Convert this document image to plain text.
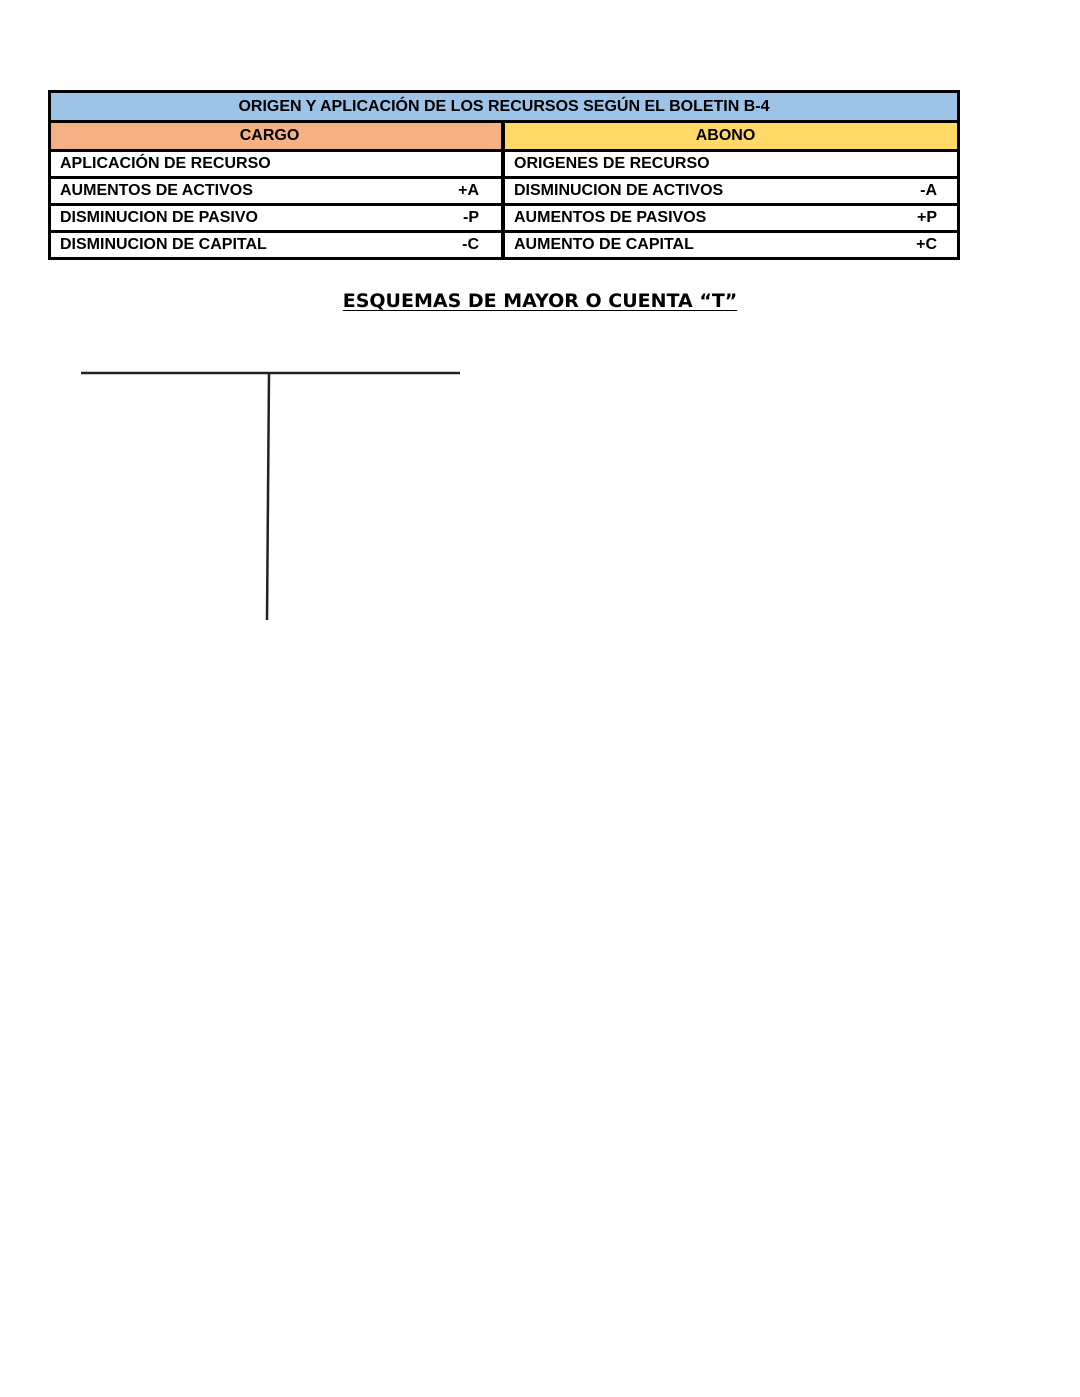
ORIGEN Y APLICACIÓN DE LOS RECURSOS SEGÚN EL BOLETIN B-4
CARGO	ABONO
APLICACIÓN DE RECURSO	ORIGENES DE RECURSO
AUMENTOS DE ACTIVOS	+A DISMINUCION DE ACTIVOS	-A
DISMINUCION DE PASIVO	-P AUMENTOS DE PASIVOS	+P
DISMINUCION DE CAPITAL	-C AUMENTO DE CAPITAL	+C
ESQUEMAS DE MAYOR O CUENTA “T”
